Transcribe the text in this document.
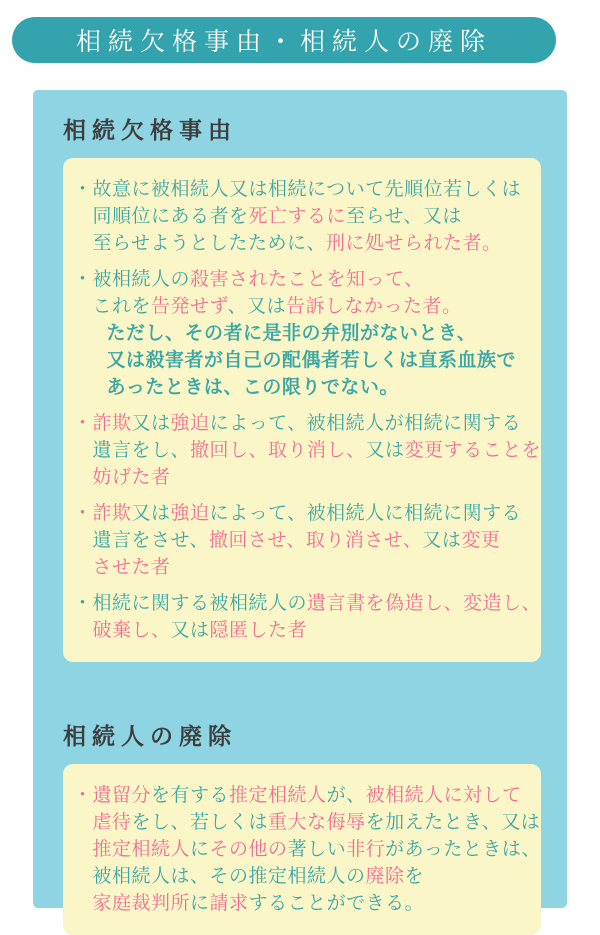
相続欠格事由・相続人の廃除
相続欠格事由
・ 故意に被相続人又は相続について先順位若しくは
同順位にある者を死亡するに至らせ、又は
至らせようとしたために、刑に処せられた者。
・ 被相続人の殺害されたことを知って、
これを告発せず、又は告訴しなかった者。
ただし、その者に是非の弁別がないとき、
又は殺害者が自己の配偶者若しくは直系血族で
あったときは、この限りでない。
・ 詐欺又は強迫によって、被相続人が相続に関する
遺言をし、撤回し、取り消し、又は変更することを
妨げた者
・ 詐欺又は強迫によって、被相続人に相続に関する
遺言をさせ、撤回させ、取り消させ、又は変更
させた者
・ 相続に関する被相続人の遺言書を偽造し、変造し、
破棄し、又は隠匿した者
相続人の廃除
・ 遺留分を有する推定相続人が、被相続人に対して
虐待をし、若しくは重大な侮辱を加えたとき、又は
推定相続人にその他の著しい非行があったときは、
被相続人は、その推定相続人の廃除を
家庭裁判所に請求することができる。
